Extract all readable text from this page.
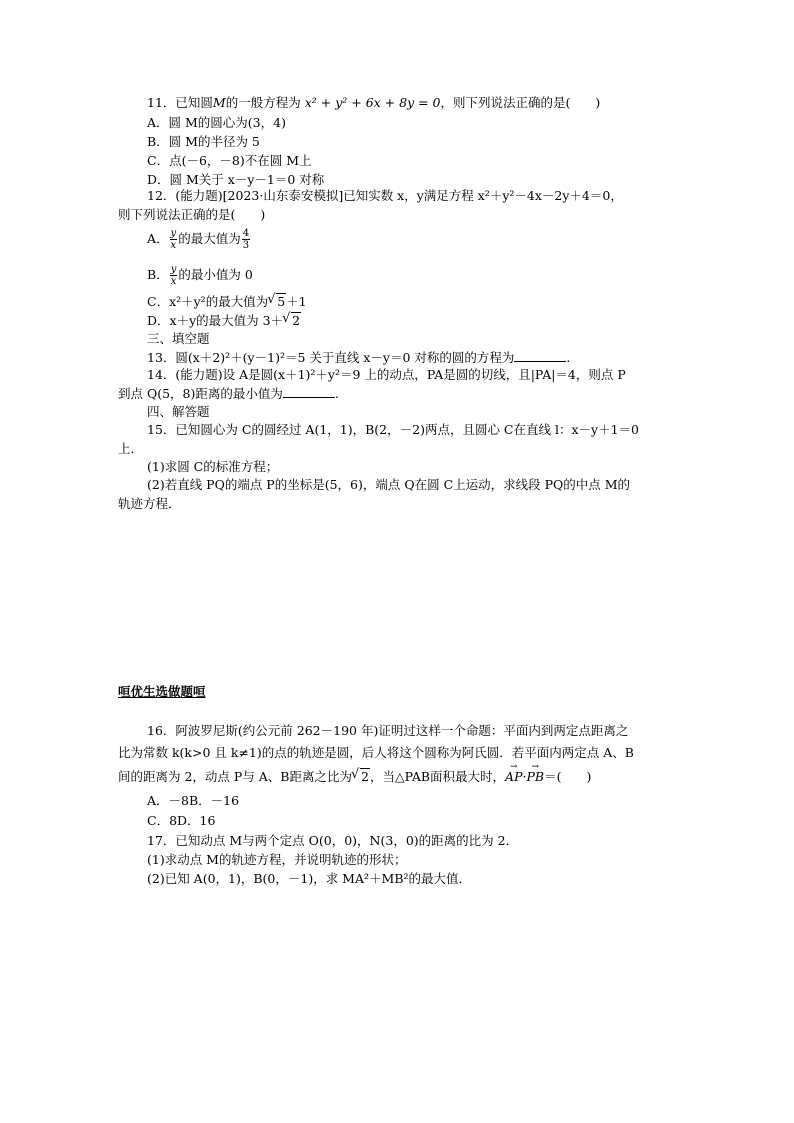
11．已知圆M的一般方程为 x² + y² + 6x + 8y = 0，则下列说法正确的是(　　)
A．圆 M的圆心为(3，4)
B．圆 M的半径为 5
C．点(－6，－8)不在圆 M上
D．圆 M关于 x－y－1＝0 对称
12．(能力题)[2023·山东泰安模拟]已知实数 x，y满足方程 x²＋y²－4x－2y＋4＝0，
则下列说法正确的是(　　)
A． $\frac{y}{x}$ 的最大值为 $\frac{4}{3}$
B． $\frac{y}{x}$ 的最小值为 0
C．x²＋y²的最大值为 √ 5＋1
D．x＋y的最大值为 3＋ √ 2
三、填空题
13．圆(x＋2)²＋(y－1)²＝5 关于直线 x－y＝0 对称的圆的方程为	.
14．(能力题)设 A是圆(x＋1)²＋y²＝9 上的动点，PA是圆的切线，且|PA|＝4，则点 P
到点 Q(5，8)距离的最小值为	.
四、解答题
15．已知圆心为 C的圆经过 A(1，1)，B(2，－2)两点，且圆心 C在直线 l：x－y＋1＝0
上．
(1)求圆 C的标准方程；
(2)若直线 PQ的端点 P的坐标是(5，6)，端点 Q在圆 C上运动，求线段 PQ的中点 M的
轨迹方程．
咺优生选做题咺
16．阿波罗尼斯(约公元前 262－190 年)证明过这样一个命题：平面内到两定点距离之
比为常数 k(k>0 且 k≠1)的点的轨迹是圆，后人将这个圆称为阿氏圆．若平面内两定点 A、B
间的距离为 2，动点 P与 A、B距离之比为 √ 2，当△PAB面积最大时，→ AP·→ PB＝(　　)
A．－8B．－16
C．8D．16
17．已知动点 M与两个定点 O(0，0)，N(3，0)的距离的比为 2．
(1)求动点 M的轨迹方程，并说明轨迹的形状；
(2)已知 A(0，1)，B(0，－1)，求 MA²＋MB²的最大值．
